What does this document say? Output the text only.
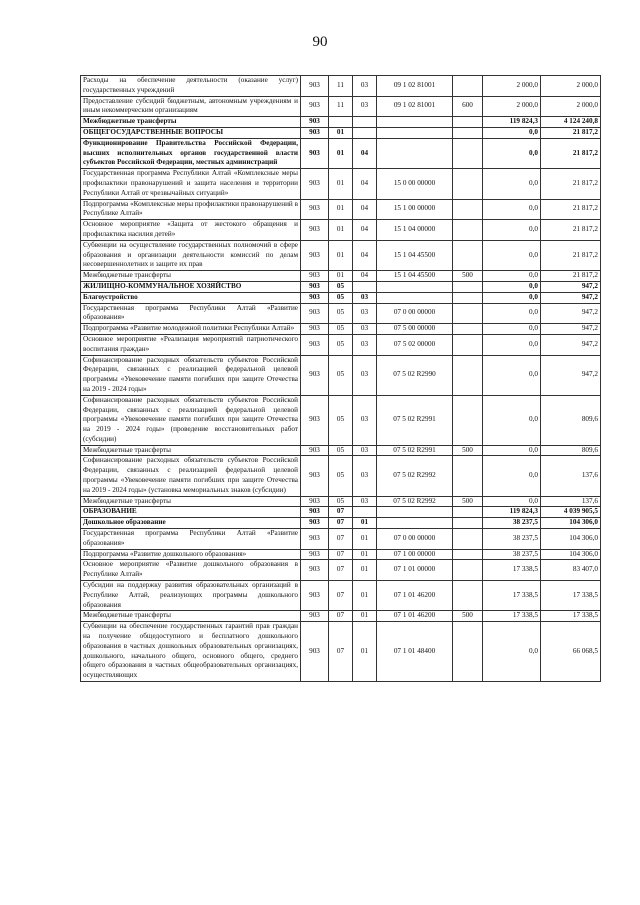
90
Расходы на обеспечение деятельности (оказание услуг) государственных учреждений	903	11	03	09 1 02 81001		2 000,0	2 000,0
Предоставление субсидий бюджетным, автономным учреждениям и иным некоммерческим организациям	903	11	03	09 1 02 81001	600	2 000,0	2 000,0
Межбюджетные трансферты	903					119 824,3	4 124 240,8
ОБЩЕГОСУДАРСТВЕННЫЕ ВОПРОСЫ	903	01				0,0	21 817,2
Функционирование Правительства Российской Федерации, высших исполнительных органов государственной власти субъектов Российской Федерации, местных администраций	903	01	04			0,0	21 817,2
Государственная программа Республики Алтай «Комплексные меры профилактики правонарушений и защита населения и территории Республики Алтай от чрезвычайных ситуаций»	903	01	04	15 0 00 00000		0,0	21 817,2
Подпрограмма «Комплексные меры профилактики правонарушений в Республике Алтай»	903	01	04	15 1 00 00000		0,0	21 817,2
Основное мероприятие «Защита от жестокого обращения и профилактика насилия детей»	903	01	04	15 1 04 00000		0,0	21 817,2
Субвенции на осуществление государственных полномочий в сфере образования и организации деятельности комиссий по делам несовершеннолетних и защите их прав	903	01	04	15 1 04 45500		0,0	21 817,2
Межбюджетные трансферты	903	01	04	15 1 04 45500	500	0,0	21 817,2
ЖИЛИЩНО-КОММУНАЛЬНОЕ ХОЗЯЙСТВО	903	05				0,0	947,2
Благоустройство	903	05	03			0,0	947,2
Государственная программа Республики Алтай «Развитие образования»	903	05	03	07 0 00 00000		0,0	947,2
Подпрограмма «Развитие молодежной политики Республики Алтай»	903	05	03	07 5 00 00000		0,0	947,2
Основное мероприятие «Реализация мероприятий патриотического воспитания граждан»	903	05	03	07 5 02 00000		0,0	947,2
Софинансирование расходных обязательств субъектов Российской Федерации, связанных с реализацией федеральной целевой программы «Увековечение памяти погибших при защите Отечества на 2019 - 2024 годы»	903	05	03	07 5 02 R2990		0,0	947,2
Софинансирование расходных обязательств субъектов Российской Федерации, связанных с реализацией федеральной целевой программы «Увековечение памяти погибших при защите Отечества на 2019 - 2024 годы» (проведение восстановительных работ (субсидии)	903	05	03	07 5 02 R2991		0,0	809,6
Межбюджетные трансферты	903	05	03	07 5 02 R2991	500	0,0	809,6
Софинансирование расходных обязательств субъектов Российской Федерации, связанных с реализацией федеральной целевой программы «Увековечение памяти погибших при защите Отечества на 2019 - 2024 годы» (установка мемориальных знаков (субсидии)	903	05	03	07 5 02 R2992		0,0	137,6
Межбюджетные трансферты	903	05	03	07 5 02 R2992	500	0,0	137,6
ОБРАЗОВАНИЕ	903	07				119 824,3	4 039 905,5
Дошкольное образование	903	07	01			38 237,5	104 306,0
Государственная программа Республики Алтай «Развитие образования»	903	07	01	07 0 00 00000		38 237,5	104 306,0
Подпрограмма «Развитие дошкольного образования»	903	07	01	07 1 00 00000		38 237,5	104 306,0
Основное мероприятие «Развитие дошкольного образования в Республике Алтай»	903	07	01	07 1 01 00000		17 338,5	83 407,0
Субсидии на поддержку развития образовательных организаций в Республике Алтай, реализующих программы дошкольного образования	903	07	01	07 1 01 46200		17 338,5	17 338,5
Межбюджетные трансферты	903	07	01	07 1 01 46200	500	17 338,5	17 338,5
Субвенции на обеспечение государственных гарантий прав граждан на получение общедоступного и бесплатного дошкольного образования в частных дошкольных образовательных организациях, дошкольного, начального общего, основного общего, среднего общего образования в частных общеобразовательных организациях, осуществляющих	903	07	01	07 1 01 48400		0,0	66 068,5
